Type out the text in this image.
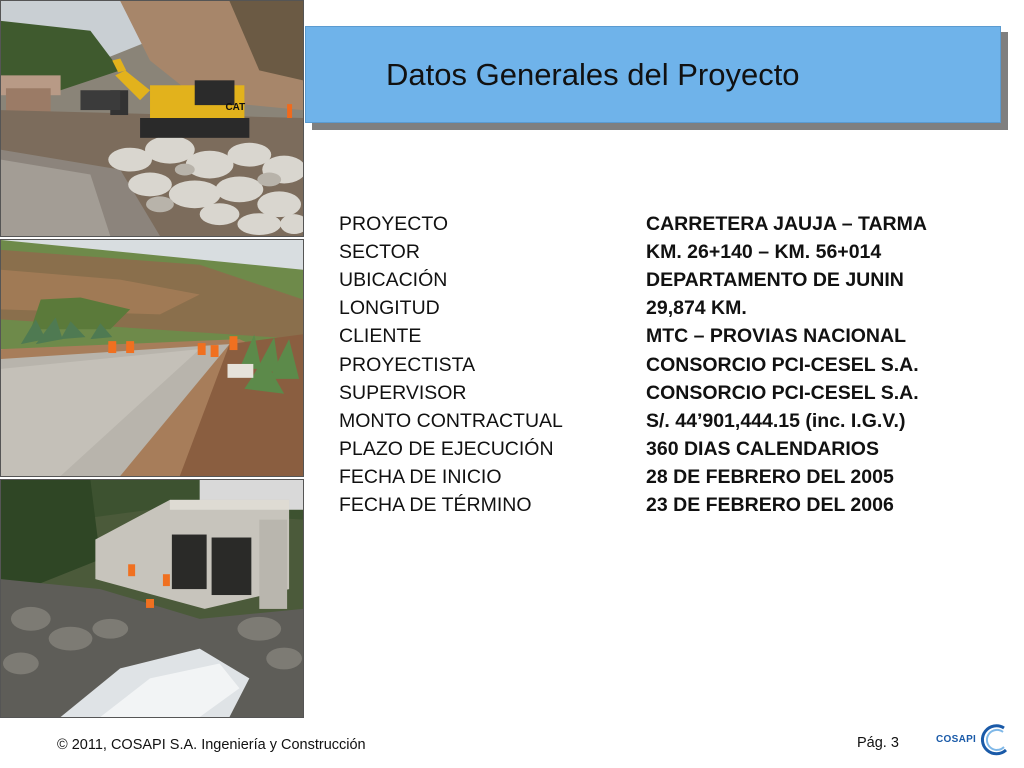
CAT
Datos Generales del Proyecto
PROYECTO	CARRETERA JAUJA – TARMA
SECTOR	KM. 26+140 – KM. 56+014
UBICACIÓN	DEPARTAMENTO DE JUNIN
LONGITUD	29,874 KM.
CLIENTE	MTC – PROVIAS NACIONAL
PROYECTISTA	CONSORCIO PCI-CESEL S.A.
SUPERVISOR	CONSORCIO PCI-CESEL S.A.
MONTO CONTRACTUAL	S/. 44’901,444.15 (inc. I.G.V.)
PLAZO DE EJECUCIÓN	360 DIAS CALENDARIOS
FECHA DE INICIO	28 DE FEBRERO DEL 2005
FECHA DE TÉRMINO	23 DE FEBRERO DEL 2006
© 2011, COSAPI S.A. Ingeniería y Construcción	Pág. 3	COSAPI
